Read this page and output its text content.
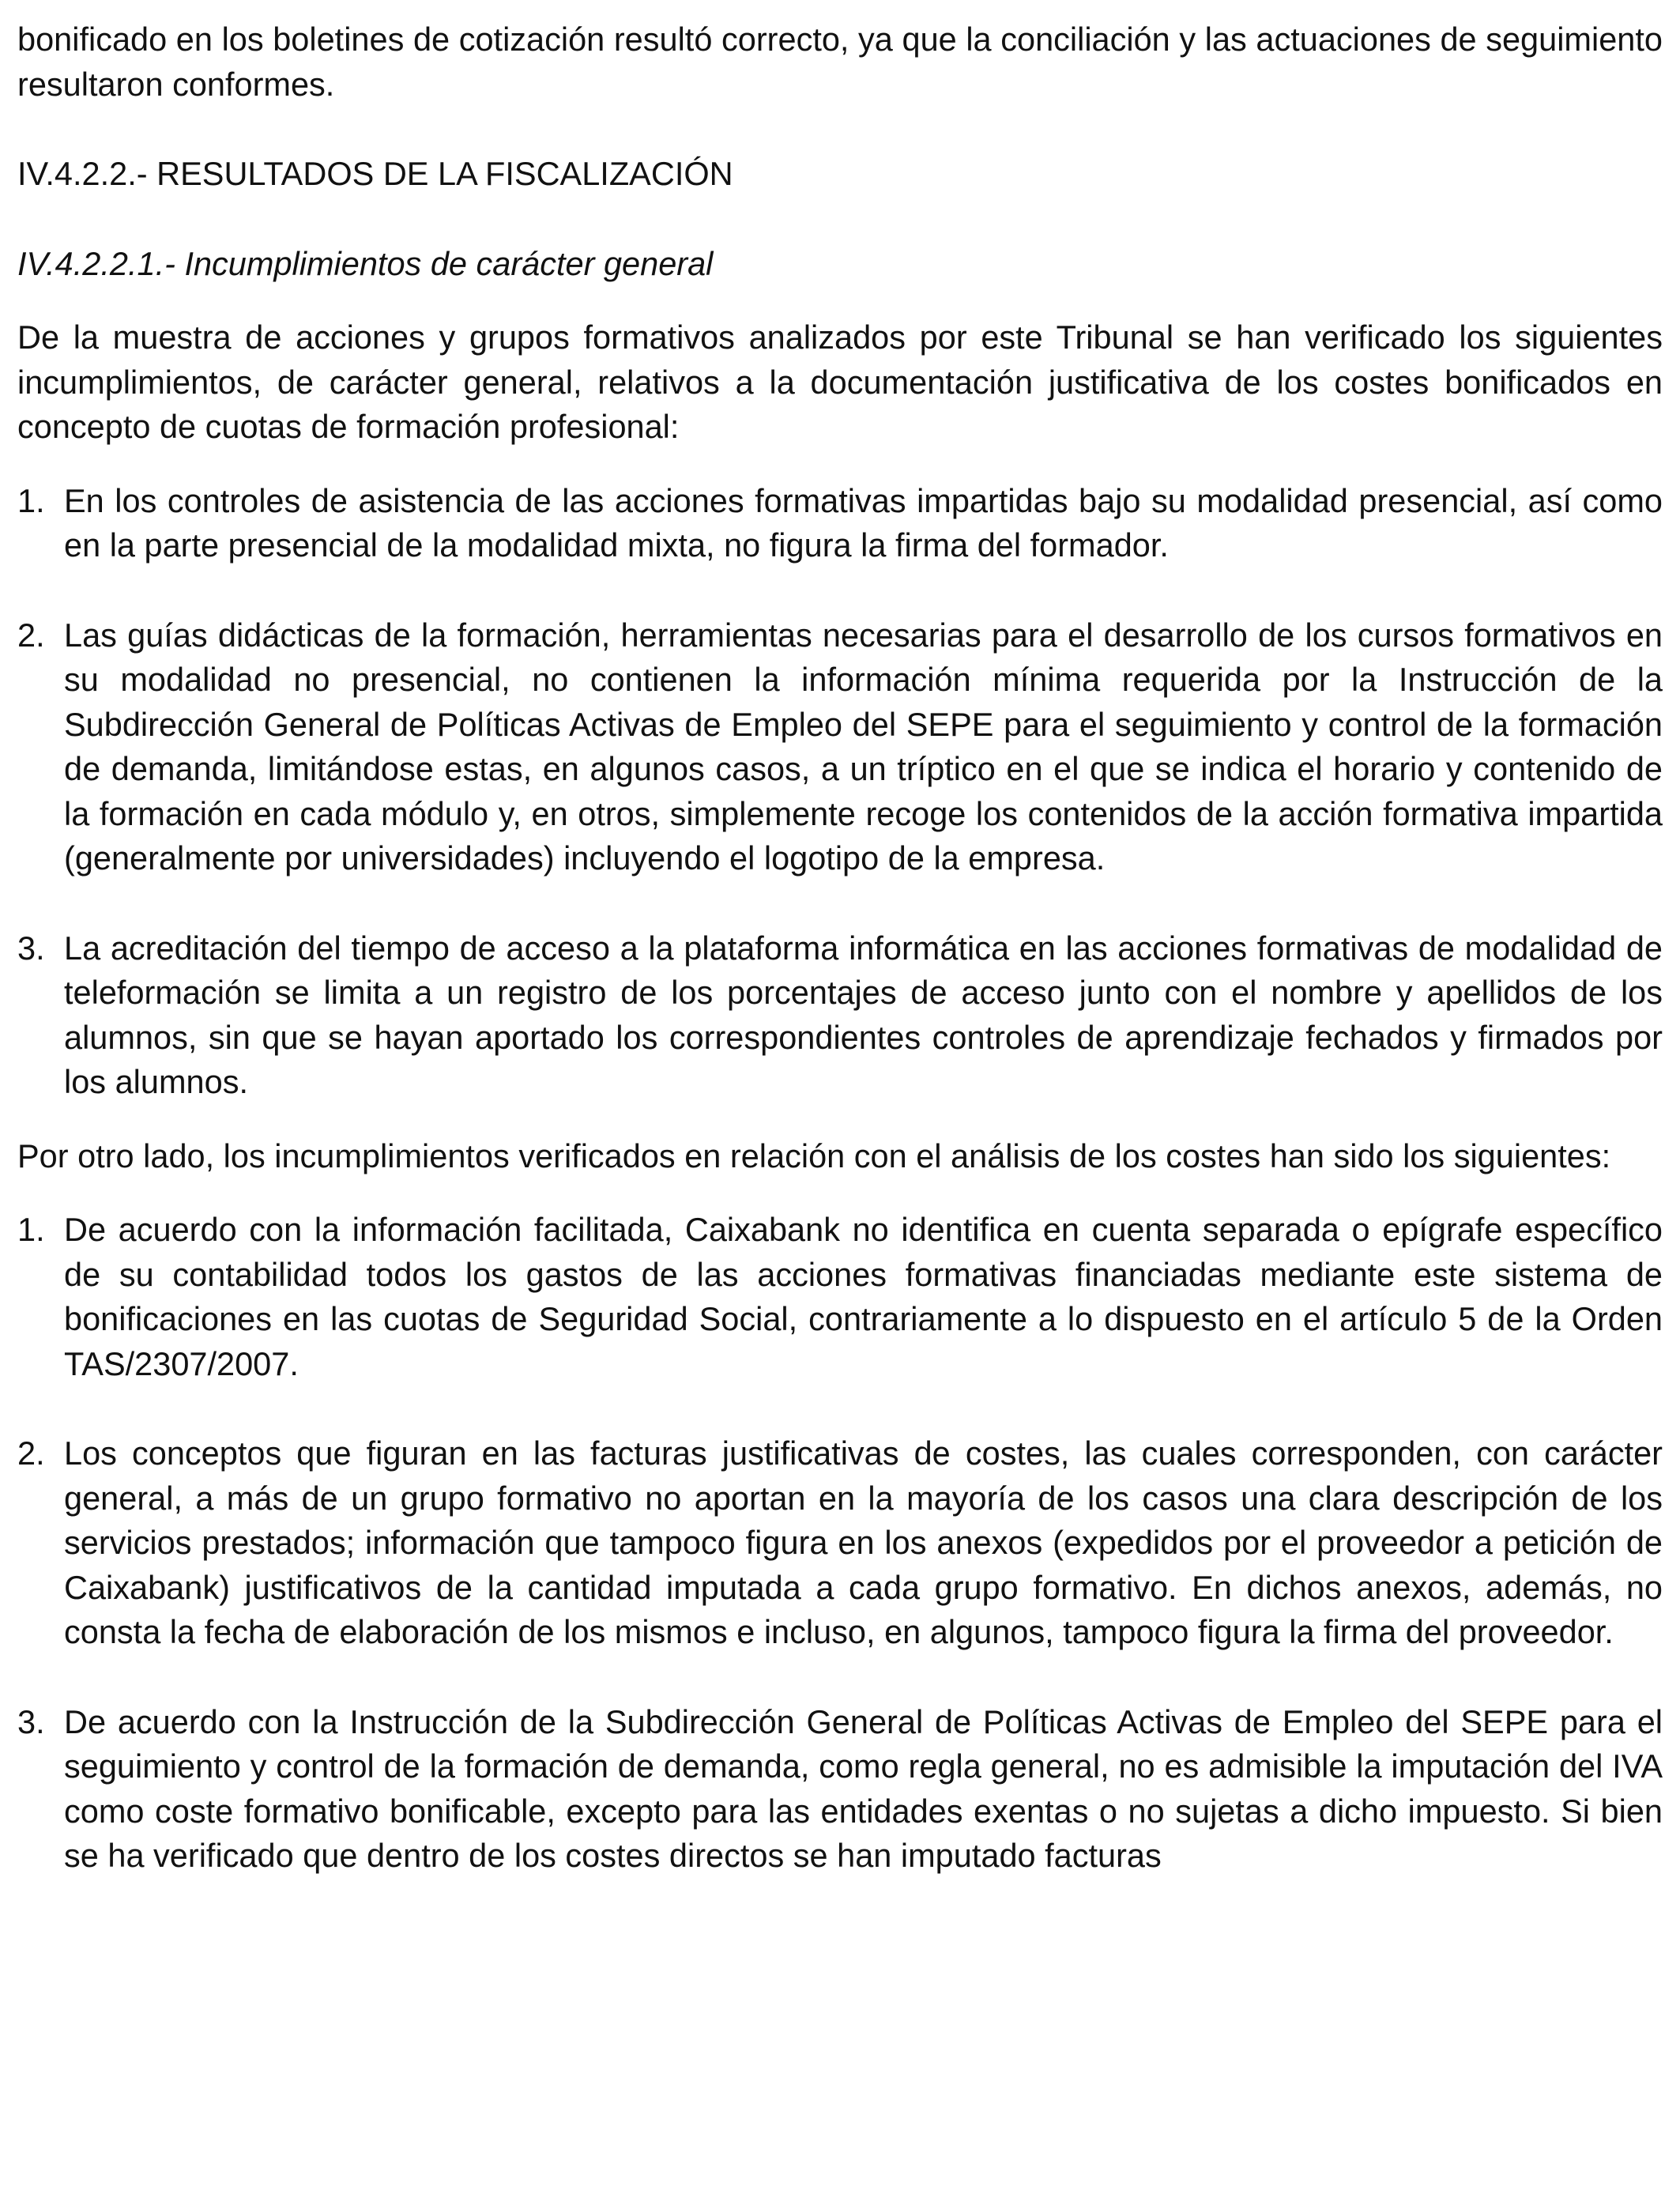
bonificado en los boletines de cotización resultó correcto, ya que la conciliación y las actuaciones de seguimiento resultaron conformes.

IV.4.2.2.- RESULTADOS DE LA FISCALIZACIÓN

IV.4.2.2.1.- Incumplimientos de carácter general

De la muestra de acciones y grupos formativos analizados por este Tribunal se han verificado los siguientes incumplimientos, de carácter general, relativos a la documentación justificativa de los costes bonificados en concepto de cuotas de formación profesional:

1. En los controles de asistencia de las acciones formativas impartidas bajo su modalidad presencial, así como en la parte presencial de la modalidad mixta, no figura la firma del formador.
2. Las guías didácticas de la formación, herramientas necesarias para el desarrollo de los cursos formativos en su modalidad no presencial, no contienen la información mínima requerida por la Instrucción de la Subdirección General de Políticas Activas de Empleo del SEPE para el seguimiento y control de la formación de demanda, limitándose estas, en algunos casos, a un tríptico en el que se indica el horario y contenido de la formación en cada módulo y, en otros, simplemente recoge los contenidos de la acción formativa impartida (generalmente por universidades) incluyendo el logotipo de la empresa.
3. La acreditación del tiempo de acceso a la plataforma informática en las acciones formativas de modalidad de teleformación se limita a un registro de los porcentajes de acceso junto con el nombre y apellidos de los alumnos, sin que se hayan aportado los correspondientes controles de aprendizaje fechados y firmados por los alumnos.

Por otro lado, los incumplimientos verificados en relación con el análisis de los costes han sido los siguientes:

1. De acuerdo con la información facilitada, Caixabank no identifica en cuenta separada o epígrafe específico de su contabilidad todos los gastos de las acciones formativas financiadas mediante este sistema de bonificaciones en las cuotas de Seguridad Social, contrariamente a lo dispuesto en el artículo 5 de la Orden TAS/2307/2007.
2. Los conceptos que figuran en las facturas justificativas de costes, las cuales corresponden, con carácter general, a más de un grupo formativo no aportan en la mayoría de los casos una clara descripción de los servicios prestados; información que tampoco figura en los anexos (expedidos por el proveedor a petición de Caixabank) justificativos de la cantidad imputada a cada grupo formativo. En dichos anexos, además, no consta la fecha de elaboración de los mismos e incluso, en algunos, tampoco figura la firma del proveedor.
3. De acuerdo con la Instrucción de la Subdirección General de Políticas Activas de Empleo del SEPE para el seguimiento y control de la formación de demanda, como regla general, no es admisible la imputación del IVA como coste formativo bonificable, excepto para las entidades exentas o no sujetas a dicho impuesto. Si bien se ha verificado que dentro de los costes directos se han imputado facturas
